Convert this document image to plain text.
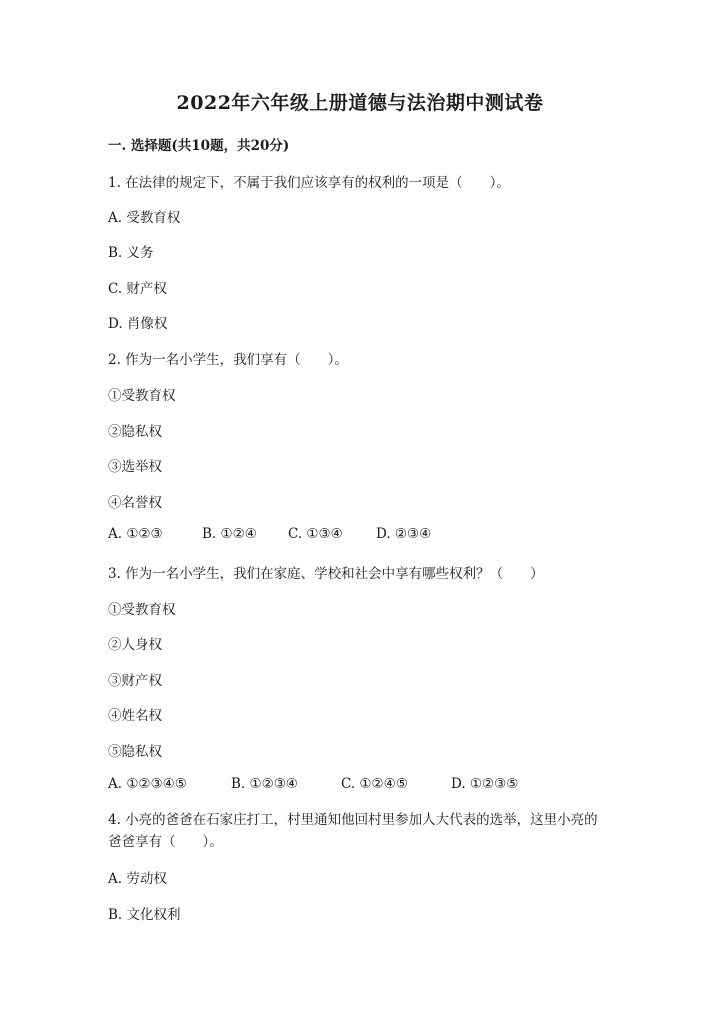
2022年六年级上册道德与法治期中测试卷
一. 选择题(共10题，共20分)
1. 在法律的规定下，不属于我们应该享有的权利的一项是（　　）。
A. 受教育权
B. 义务
C. 财产权
D. 肖像权
2. 作为一名小学生，我们享有（　　）。
①受教育权
②隐私权
③选举权
④名誉权
A. ①②③	B. ①②④ C. ①③④ D. ②③④
3. 作为一名小学生，我们在家庭、学校和社会中享有哪些权利？（　　）
①受教育权
②人身权
③财产权
④姓名权
⑤隐私权
A. ①②③④⑤	B. ①②③④	C. ①②④⑤	D. ①②③⑤
4. 小亮的爸爸在石家庄打工，村里通知他回村里参加人大代表的选举，这里小亮的爸爸享有（　　）。
A. 劳动权
B. 文化权利
